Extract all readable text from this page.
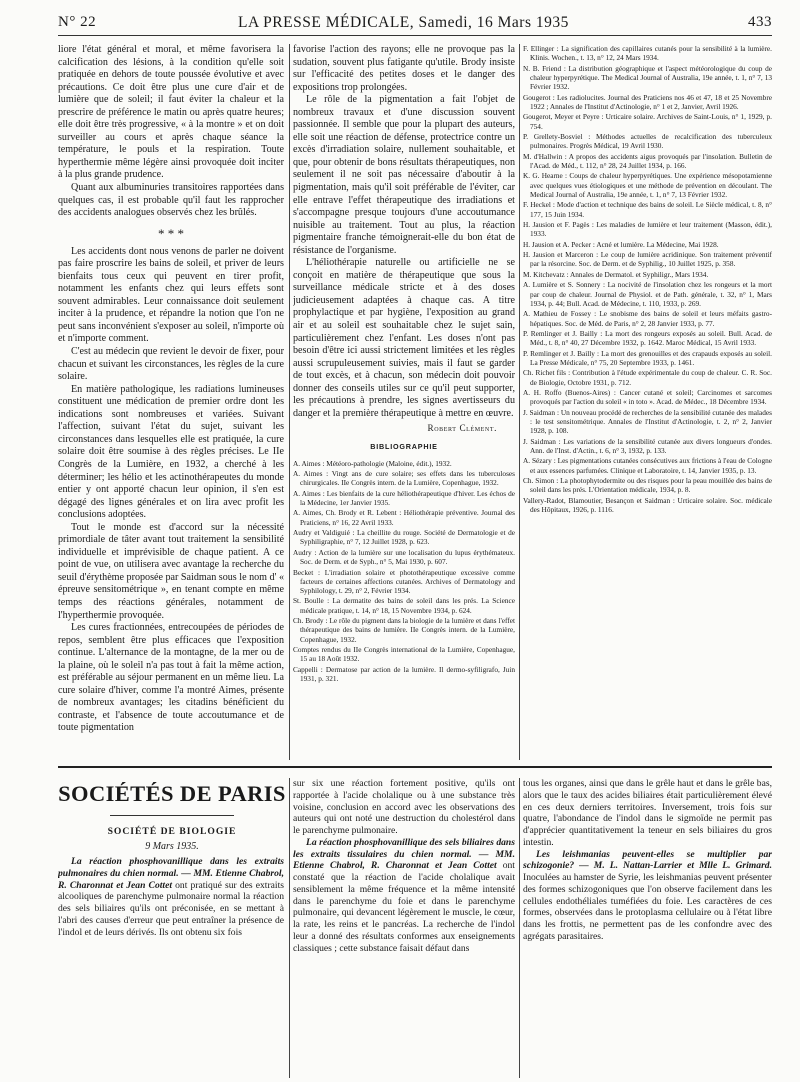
N° 22	LA PRESSE MÉDICALE, Samedi, 16 Mars 1935	433

liore l'état général et moral, et même favorisera la calcification des lésions, à la condition qu'elle soit pratiquée en dehors de toute poussée évolutive et avec précautions. Ce doit être plus une cure d'air et de lumière que de soleil; il faut éviter la chaleur et la prescrire de préférence le matin ou après quatre heures; elle doit être très progressive, « à la montre » et on doit surveiller au cours et après chaque séance la température, le pouls et la respiration. Toute hyperthermie même légère ainsi provoquée doit inciter à la plus grande prudence.

Quant aux albuminuries transitoires rapportées dans quelques cas, il est probable qu'il faut les rapprocher des accidents analogues observés chez les brûlés.

* * *

Les accidents dont nous venons de parler ne doivent pas faire proscrire les bains de soleil, et priver de leurs bienfaits tous ceux qui peuvent en tirer profit, notamment les enfants chez qui leurs effets sont souvent admirables. Leur connaissance doit seulement inciter à la prudence, et répandre la notion que l'on ne peut sans inconvénient s'exposer au soleil, n'importe où et n'importe comment.

C'est au médecin que revient le devoir de fixer, pour chacun et suivant les circonstances, les règles de la cure solaire.

En matière pathologique, les radiations lumineuses constituent une médication de premier ordre dont les indications sont nombreuses et variées. Suivant l'affection, suivant l'état du sujet, suivant les circonstances dans lesquelles elle est pratiquée, la cure solaire doit être soumise à des règles précises. Le IIe Congrès de la Lumière, en 1932, a cherché à les déterminer; les hélio et les actinothérapeutes du monde entier y ont apporté chacun leur opinion, il s'en est dégagé des lignes générales et on lira avec profit les conclusions adoptées.

Tout le monde est d'accord sur la nécessité primordiale de tâter avant tout traitement la sensibilité individuelle et imprévisible de chaque patient. A ce point de vue, on utilisera avec avantage la recherche du seuil d'érythème proposée par Saidman sous le nom d' « épreuve sensitométrique », en tenant compte en même temps des réactions générales, notamment de l'hyperthermie provoquée.

Les cures fractionnées, entrecoupées de périodes de repos, semblent être plus efficaces que l'exposition continue. L'alternance de la montagne, de la mer ou de la plaine, où le soleil n'a pas tout à fait la même action, est préférable au séjour permanent en un même lieu. La cure solaire d'hiver, comme l'a montré Aimes, présente de nombreux avantages; les citadins bénéficient du contraste, et l'absence de toute accoutumance et de toute pigmentation

favorise l'action des rayons; elle ne provoque pas la sudation, souvent plus fatigante qu'utile. Brody insiste sur l'efficacité des petites doses et le danger des expositions trop prolongées.

Le rôle de la pigmentation a fait l'objet de nombreux travaux et d'une discussion souvent passionnée. Il semble que pour la plupart des auteurs, elle soit une réaction de défense, protectrice contre un excès d'irradiation solaire, nullement souhaitable, et que, pour obtenir de bons résultats thérapeutiques, non seulement il ne soit pas nécessaire d'aboutir à la pigmentation, mais qu'il soit préférable de l'éviter, car elle entrave l'effet thérapeutique des irradiations et s'accompagne presque toujours d'une accoutumance nuisible au traitement. Tout au plus, la réaction pigmentaire franche témoignerait-elle du bon état de résistance de l'organisme.

L'héliothérapie naturelle ou artificielle ne se conçoit en matière de thérapeutique que sous la surveillance médicale stricte et à des doses judicieusement adaptées à chaque cas. A titre prophylactique et par hygiène, l'exposition au grand air et au soleil est souhaitable chez le sujet sain, particulièrement chez l'enfant. Les doses n'ont pas besoin d'être ici aussi strictement limitées et les règles aussi scrupuleusement suivies, mais il faut se garder de tout excès, et à chacun, son médecin doit pouvoir donner des conseils utiles sur ce qu'il peut supporter, les précautions à prendre, les signes avertisseurs du danger et la première thérapeutique à mettre en œuvre.

Robert Clément.

BIBLIOGRAPHIE

A. Aimes : Météoro-pathologie (Maloine, édit.), 1932.

A. Aimes : Vingt ans de cure solaire; ses effets dans les tuberculoses chirurgicales. IIe Congrès intern. de la Lumière, Copenhague, 1932.

A. Aimes : Les bienfaits de la cure héliothérapeutique d'hiver. Les échos de la Médecine, 1er Janvier 1935.

A. Aimes, Ch. Brody et R. Lebent : Héliothérapie préventive. Journal des Praticiens, n° 16, 22 Avril 1933.

Audry et Valdiguié : La cheillite du rouge. Société de Dermatologie et de Syphiligraphie, n° 7, 12 Juillet 1928, p. 623.

Audry : Action de la lumière sur une localisation du lupus érythémateux. Soc. de Derm. et de Syph., n° 5, Mai 1930, p. 607.

Becket : L'irradiation solaire et photothérapeutique excessive comme facteurs de certaines affections cutanées. Archives of Dermatology and Syphilology, t. 29, n° 2, Février 1934.

St. Boulle : La dermatite des bains de soleil dans les prés. La Science médicale pratique, t. 14, n° 18, 15 Novembre 1934, p. 624.

Ch. Brody : Le rôle du pigment dans la biologie de la lumière et dans l'effet thérapeutique des bains de lumière. IIe Congrès intern. de la Lumière, Copenhague, 1932.

Comptes rendus du IIe Congrès international de la Lumière, Copenhague, 15 au 18 Août 1932.

Cappelli : Dermatose par action de la lumière. Il dermo-syfiligrafo, Juin 1931, p. 321.

F. Ellinger : La signification des capillaires cutanés pour la sensibilité à la lumière. Klinis. Wochen., t. 13, n° 12, 24 Mars 1934.

N. B. Friend : La distribution géographique et l'aspect météorologique du coup de chaleur hyperpyrétique. The Medical Journal of Australia, 19e année, t. 1, n° 7, 13 Février 1932.

Gougerot : Les radiolucites. Journal des Praticiens nos 46 et 47, 18 et 25 Novembre 1922 ; Annales de l'Institut d'Actinologie, n° 1 et 2, Janvier, Avril 1926.

Gougerot, Meyer et Peyre : Urticaire solaire. Archives de Saint-Louis, n° 1, 1929, p. 754.

P. Grellety-Bosviel : Méthodes actuelles de recalcification des tuberculeux pulmonaires. Progrès Médical, 19 Avril 1930.

M. d'Hallwin : A propos des accidents aigus provoqués par l'insolation. Bulletin de l'Acad. de Méd., t. 112, n° 28, 24 Juillet 1934, p. 166.

K. G. Hearne : Coups de chaleur hyperpyrétiques. Une expérience mésopotamienne avec quelques vues étiologiques et une méthode de prévention en découlant. The Medical Journal of Australia, 19e année, t. 1, n° 7, 13 Février 1932.

F. Heckel : Mode d'action et technique des bains de soleil. Le Siècle médical, t. 8, n° 177, 15 Juin 1934.

H. Jausion et F. Pagès : Les maladies de lumière et leur traitement (Masson, édit.), 1933.

H. Jausion et A. Pecker : Acné et lumière. La Médecine, Mai 1928.

H. Jausion et Marceron : Le coup de lumière acridinique. Son traitement préventif par la résorcine. Soc. de Derm. et de Syphilig., 10 Juillet 1925, p. 358.

M. Kitchevatz : Annales de Dermatol. et Syphiligr., Mars 1934.

A. Lumière et S. Sonnery : La nocivité de l'insolation chez les rongeurs et la mort par coup de chaleur. Journal de Physiol. et de Path. générale, t. 32, n° 1, Mars 1934, p. 44; Bull. Acad. de Médecine, t. 110, 1933, p. 269.

A. Mathieu de Fossey : Le snobisme des bains de soleil et leurs méfaits gastro-hépatiques. Soc. de Méd. de Paris, n° 2, 28 Janvier 1933, p. 77.

P. Remlinger et J. Bailly : La mort des rongeurs exposés au soleil. Bull. Acad. de Méd., t. 8, n° 40, 27 Décembre 1932, p. 1642. Maroc Médical, 15 Avril 1933.

P. Remlinger et J. Bailly : La mort des grenouilles et des crapauds exposés au soleil. La Presse Médicale, n° 75, 20 Septembre 1933, p. 1461.

Ch. Richet fils : Contribution à l'étude expérimentale du coup de chaleur. C. R. Soc. de Biologie, Octobre 1931, p. 712.

A. H. Roffo (Buenos-Aires) : Cancer cutané et soleil; Carcinomes et sarcomes provoqués par l'action du soleil « in toto ». Acad. de Médec., 18 Décembre 1934.

J. Saidman : Un nouveau procédé de recherches de la sensibilité cutanée des malades : le test sensitométrique. Annales de l'Institut d'Actinologie, t. 2, n° 2, Janvier 1928, p. 108.

J. Saidman : Les variations de la sensibilité cutanée aux divers longueurs d'ondes. Ann. de l'Inst. d'Actin., t. 6, n° 3, 1932, p. 133.

A. Sézary : Les pigmentations cutanées consécutives aux frictions à l'eau de Cologne et aux essences parfumées. Clinique et Laboratoire, t. 14, Janvier 1935, p. 13.

Ch. Simon : La photophytodermite ou des risques pour la peau mouillée des bains de soleil dans les prés. L'Orientation médicale, 1934, p. 8.

Vallery-Radot, Blamoutier, Besançon et Saidman : Urticaire solaire. Soc. médicale des Hôpitaux, 1926, p. 1116.

SOCIÉTÉS DE PARIS
SOCIÉTÉ DE BIOLOGIE
9 Mars 1935.

La réaction phosphovanillique dans les extraits pulmonaires du chien normal. — MM. Etienne Chabrol, R. Charonnat et Jean Cottet ont pratiqué sur des extraits alcooliques de parenchyme pulmonaire normal la réaction des sels biliaires qu'ils ont préconisée, en se mettant à l'abri des causes d'erreur que peut entraîner la présence de l'indol et de leurs dérivés. Ils ont obtenu six fois

sur six une réaction fortement positive, qu'ils ont rapportée à l'acide cholalique ou à une substance très voisine, conclusion en accord avec les observations des auteurs qui ont noté une destruction du cholestérol dans le parenchyme pulmonaire.

La réaction phosphovanillique des sels biliaires dans les extraits tissulaires du chien normal. — MM. Etienne Chabrol, R. Charonnat et Jean Cottet ont constaté que la réaction de l'acide cholalique avait sensiblement la même fréquence et la même intensité dans le parenchyme du foie et dans le parenchyme pulmonaire, qui devancent légèrement le muscle, le cœur, la rate, les reins et le pancréas. La recherche de l'indol leur a donné des résultats conformes aux enseignements classiques ; cette substance faisait défaut dans

tous les organes, ainsi que dans le grêle haut et dans le grêle bas, alors que le taux des acides biliaires était particulièrement élevé en ces deux derniers territoires. Inversement, trois fois sur quatre, l'abondance de l'indol dans le sigmoïde ne permit pas d'apprécier quantitativement la teneur en sels biliaires du gros intestin.

Les leishmanias peuvent-elles se multiplier par schizogonie? — M. L. Nattan-Larrier et Mlle L. Grimard. Inoculées au hamster de Syrie, les leishmanias peuvent présenter des formes schizogoniques que l'on observe facilement dans les cellules endothéliales tuméfiées du foie. Les caractères de ces formes, observées dans le protoplasma cellulaire ou à l'état libre dans les frottis, ne permettent pas de les confondre avec des agrégats parasitaires.
